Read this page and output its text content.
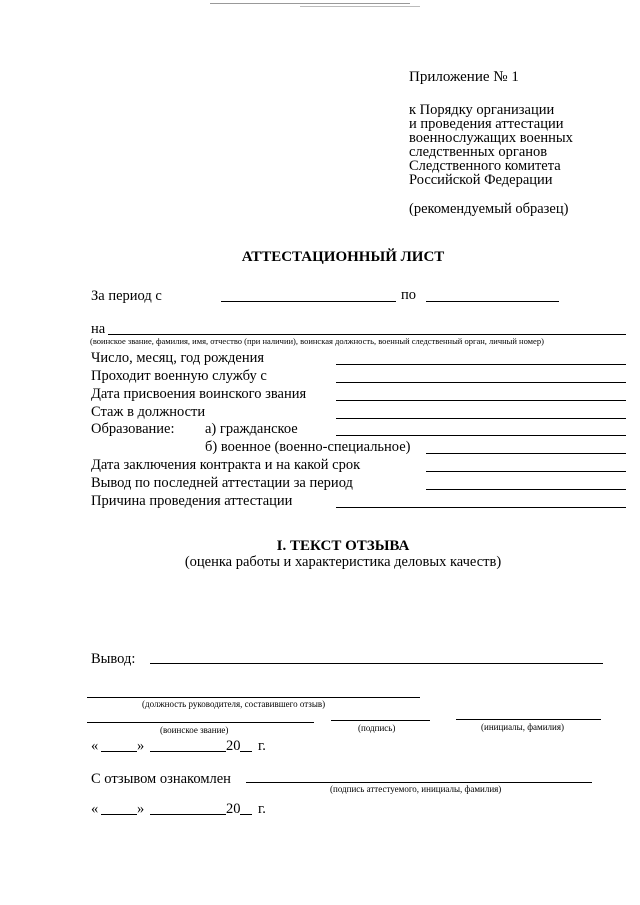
Приложение № 1
к Порядку организации
и проведения аттестации
военнослужащих военных
следственных органов
Следственного комитета
Российской Федерации
(рекомендуемый образец)
АТТЕСТАЦИОННЫЙ ЛИСТ
За период с	по
на
(воинское звание, фамилия, имя, отчество (при наличии), воинская должность, военный следственный орган, личный номер)
Число, месяц, год рождения
Проходит военную службу с
Дата присвоения воинского звания
Стаж в должности
Образование: а) гражданское
б) военное (военно-специальное)
Дата заключения контракта и на какой срок
Вывод по последней аттестации за период
Причина проведения аттестации
I. ТЕКСТ ОТЗЫВА
(оценка работы и характеристика деловых качеств)
Вывод:
(должность руководителя, составившего отзыв)
(воинское звание)	(подпись)	(инициалы, фамилия)
«	»	20 г.
С отзывом ознакомлен
(подпись аттестуемого, инициалы, фамилия)
«	»	20 г.
